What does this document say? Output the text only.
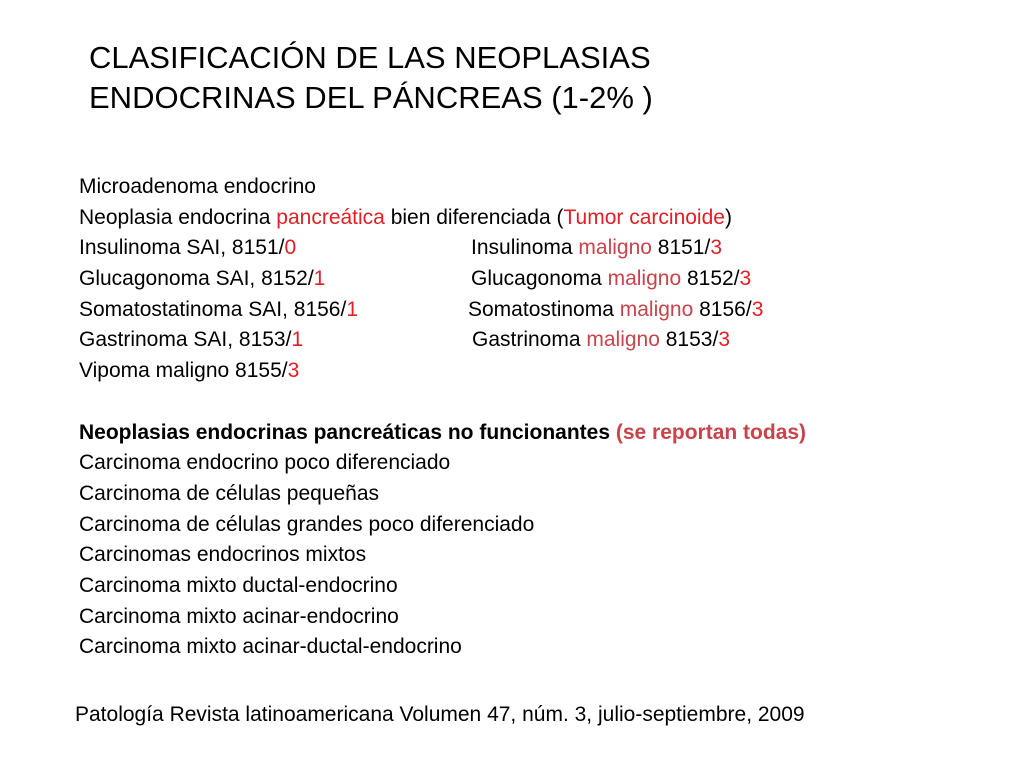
CLASIFICACIÓN DE LAS NEOPLASIAS
ENDOCRINAS DEL PÁNCREAS (1-2% )
Microadenoma endocrino
Neoplasia endocrina pancreática bien diferenciada (Tumor carcinoide)
Insulinoma SAI, 8151/0	Insulinoma maligno 8151/3
Glucagonoma SAI, 8152/1	Glucagonoma maligno 8152/3
Somatostatinoma SAI, 8156/1	Somatostinoma maligno 8156/3
Gastrinoma SAI, 8153/1	Gastrinoma maligno 8153/3
Vipoma maligno 8155/3
Neoplasias endocrinas pancreáticas no funcionantes (se reportan todas)
Carcinoma endocrino poco diferenciado
Carcinoma de células pequeñas
Carcinoma de células grandes poco diferenciado
Carcinomas endocrinos mixtos
Carcinoma mixto ductal-endocrino
Carcinoma mixto acinar-endocrino
Carcinoma mixto acinar-ductal-endocrino
Patología Revista latinoamericana Volumen 47, núm. 3, julio-septiembre, 2009
